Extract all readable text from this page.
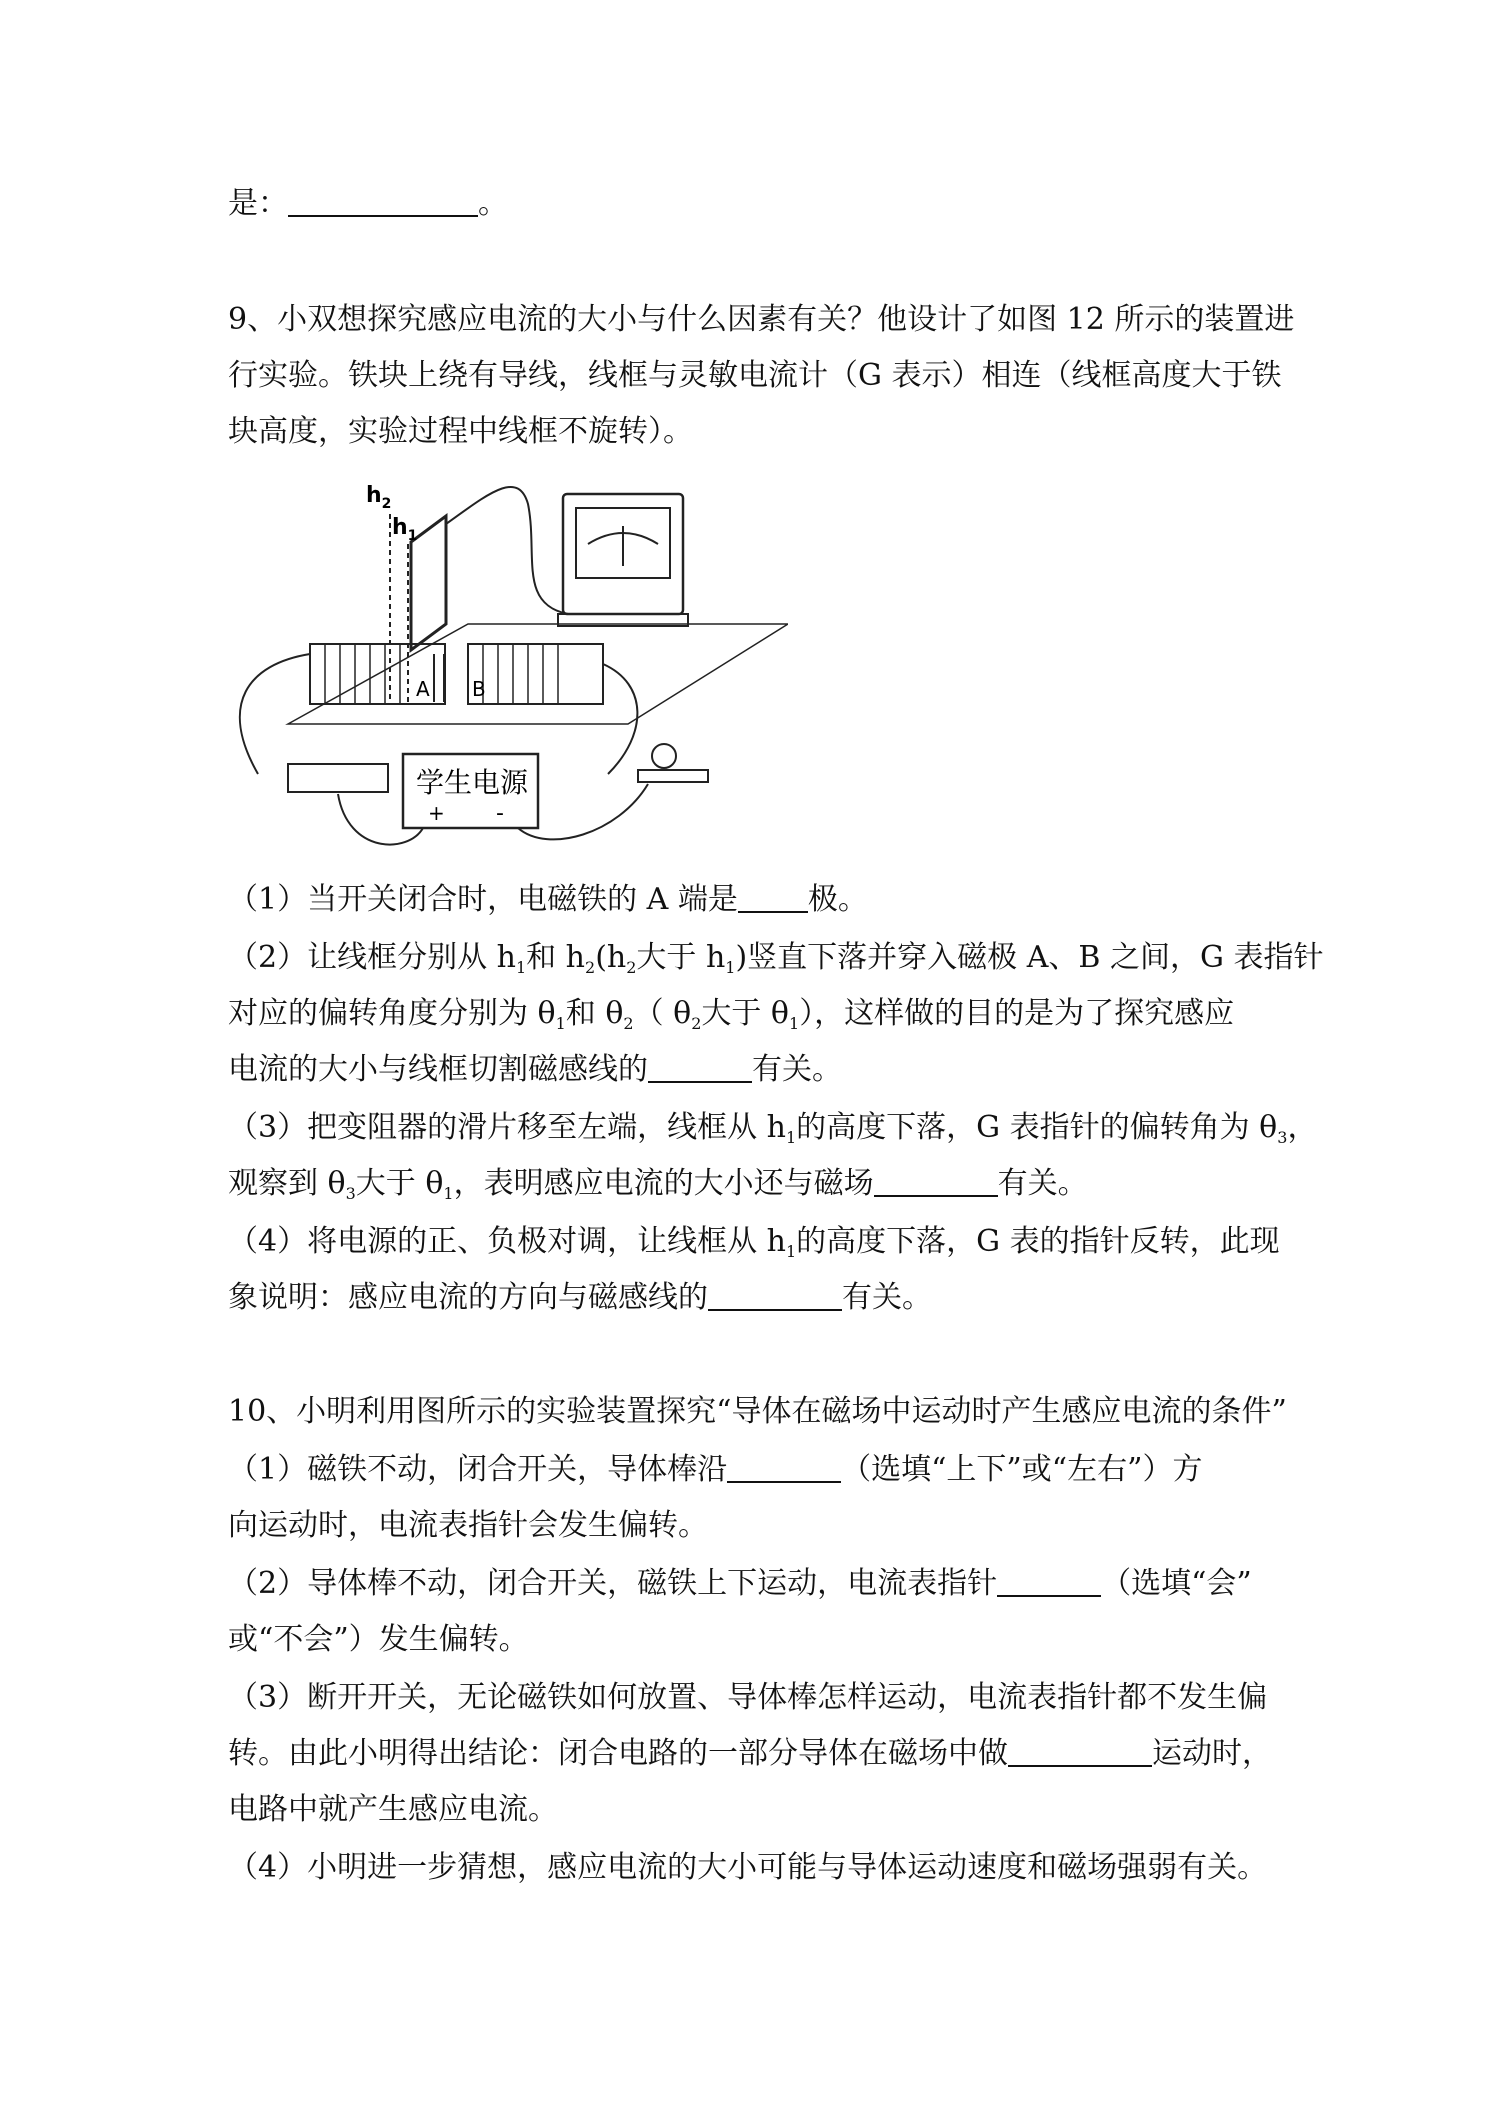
是：	。
9、小双想探究感应电流的大小与什么因素有关？他设计了如图 12 所示的装置进
行实验。铁块上绕有导线，线框与灵敏电流计（G 表示）相连（线框高度大于铁
块高度，实验过程中线框不旋转）。
$h_2$
$h_1$
A B
学生电源
+ -
（1）当开关闭合时，电磁铁的 A 端是 极。
（2）让线框分别从 $h_1$和 $h_2(h_2$大于 $h_1$)竖直下落并穿入磁极 A、B 之间，G 表指针
对应的偏转角度分别为 $\theta_1$和 $\theta_2$（ $\theta_2$大于 $\theta_1$），这样做的目的是为了探究感应
电流的大小与线框切割磁感线的	有关。
（3）把变阻器的滑片移至左端，线框从 $h_1$的高度下落，G 表指针的偏转角为 $\theta_3$，
观察到 $\theta_3$大于 $\theta_1$，表明感应电流的大小还与磁场	有关。
（4）将电源的正、负极对调，让线框从 $h_1$的高度下落，G 表的指针反转，此现
象说明：感应电流的方向与磁感线的	有关。
10、小明利用图所示的实验装置探究“导体在磁场中运动时产生感应电流的条件”
（1）磁铁不动，闭合开关，导体棒沿	（选填“上下”或“左右”）方
向运动时，电流表指针会发生偏转。
（2）导体棒不动，闭合开关，磁铁上下运动，电流表指针	（选填“会”
或“不会”）发生偏转。
（3）断开开关，无论磁铁如何放置、导体棒怎样运动，电流表指针都不发生偏
转。由此小明得出结论：闭合电路的一部分导体在磁场中做	运动时，
电路中就产生感应电流。
（4）小明进一步猜想，感应电流的大小可能与导体运动速度和磁场强弱有关。
